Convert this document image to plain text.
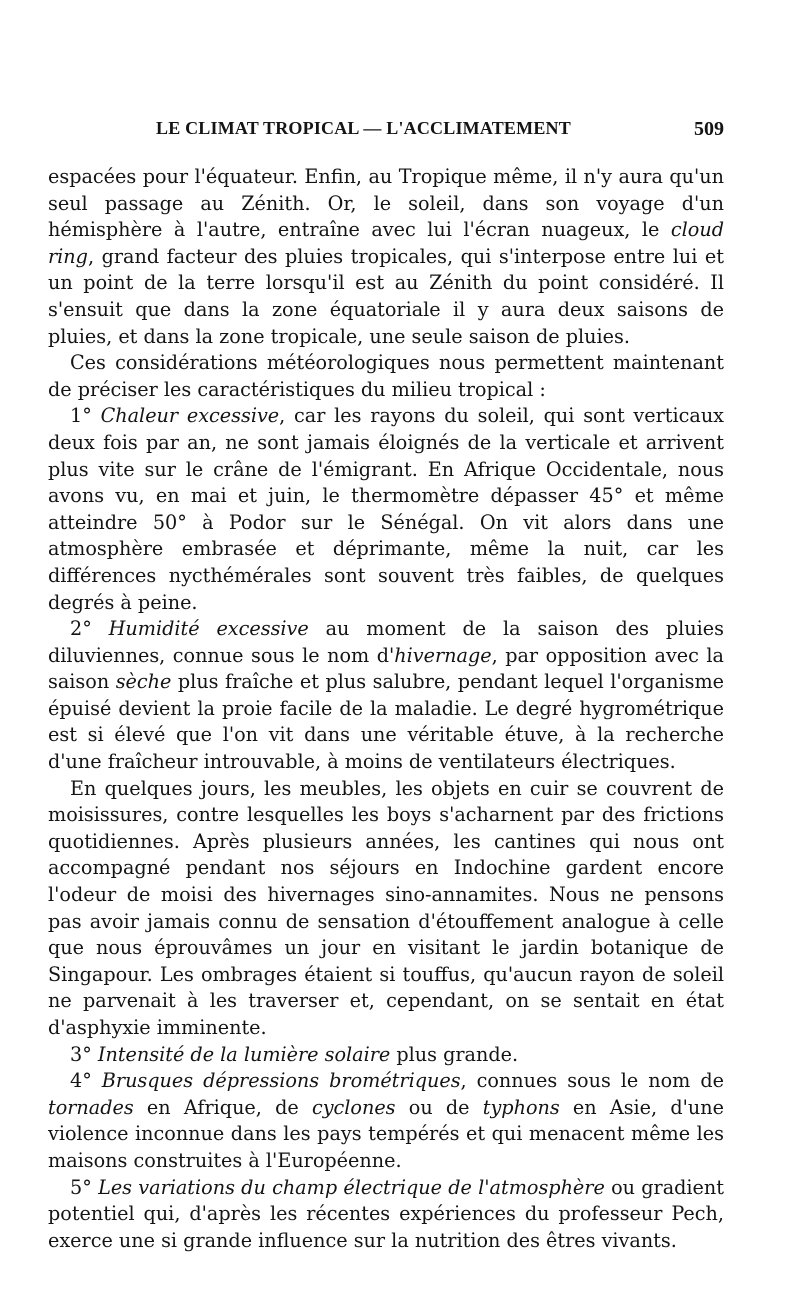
LE CLIMAT TROPICAL — L'ACCLIMATEMENT	509

espacées pour l'équateur. Enfin, au Tropique même, il n'y aura qu'un seul passage au Zénith. Or, le soleil, dans son voyage d'un hémisphère à l'autre, entraîne avec lui l'écran nuageux, le cloud ring, grand facteur des pluies tropicales, qui s'interpose entre lui et un point de la terre lorsqu'il est au Zénith du point considéré. Il s'ensuit que dans la zone équatoriale il y aura deux saisons de pluies, et dans la zone tropicale, une seule saison de pluies.

Ces considérations météorologiques nous permettent maintenant de préciser les caractéristiques du milieu tropical :

1° Chaleur excessive, car les rayons du soleil, qui sont verticaux deux fois par an, ne sont jamais éloignés de la verticale et arrivent plus vite sur le crâne de l'émigrant. En Afrique Occidentale, nous avons vu, en mai et juin, le thermomètre dépasser 45° et même atteindre 50° à Podor sur le Sénégal. On vit alors dans une atmosphère embrasée et déprimante, même la nuit, car les différences nycthémérales sont souvent très faibles, de quelques degrés à peine.

2° Humidité excessive au moment de la saison des pluies diluviennes, connue sous le nom d'hivernage, par opposition avec la saison sèche plus fraîche et plus salubre, pendant lequel l'organisme épuisé devient la proie facile de la maladie. Le degré hygrométrique est si élevé que l'on vit dans une véritable étuve, à la recherche d'une fraîcheur introuvable, à moins de ventilateurs électriques.

En quelques jours, les meubles, les objets en cuir se couvrent de moisissures, contre lesquelles les boys s'acharnent par des frictions quotidiennes. Après plusieurs années, les cantines qui nous ont accompagné pendant nos séjours en Indochine gardent encore l'odeur de moisi des hivernages sino-annamites. Nous ne pensons pas avoir jamais connu de sensation d'étouffement analogue à celle que nous éprouvâmes un jour en visitant le jardin botanique de Singapour. Les ombrages étaient si touffus, qu'aucun rayon de soleil ne parvenait à les traverser et, cependant, on se sentait en état d'asphyxie imminente.

3° Intensité de la lumière solaire plus grande.

4° Brusques dépressions brométriques, connues sous le nom de tornades en Afrique, de cyclones ou de typhons en Asie, d'une violence inconnue dans les pays tempérés et qui menacent même les maisons construites à l'Européenne.

5° Les variations du champ électrique de l'atmosphère ou gradient potentiel qui, d'après les récentes expériences du professeur Pech, exerce une si grande influence sur la nutrition des êtres vivants.
